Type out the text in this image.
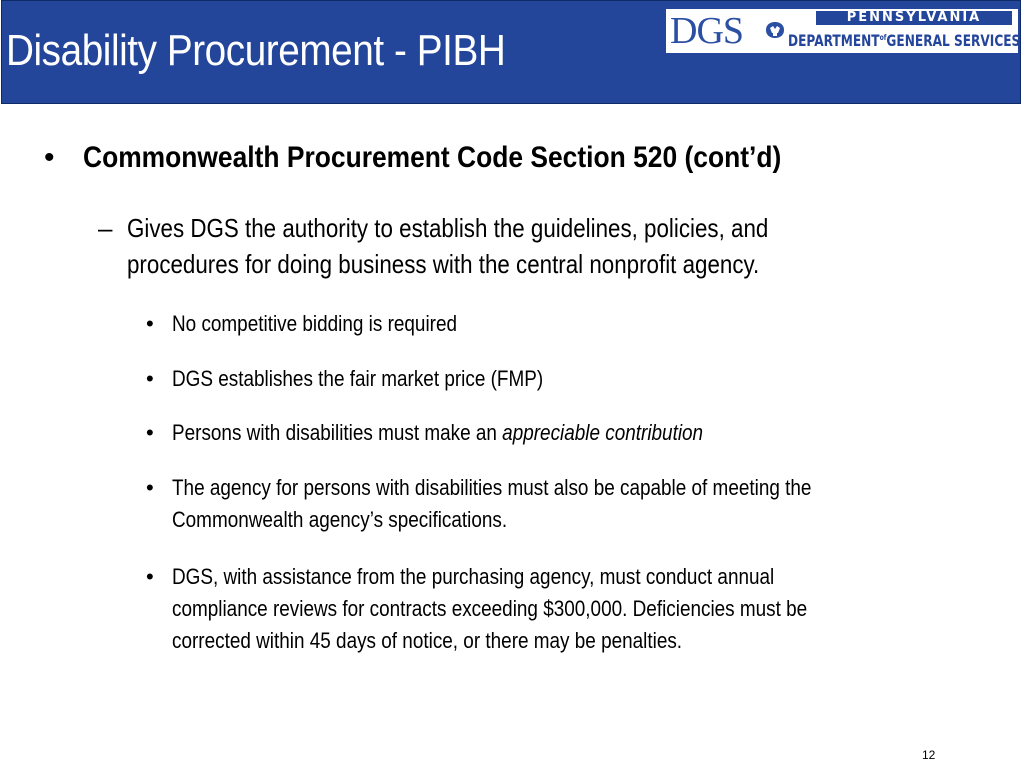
Disability Procurement - PIBH	DGS	PENNSYLVANIA
$DEPARTMENT^{of}GENERAL$ SERVICES
• Commonwealth Procurement Code Section 520 (cont’d)
– Gives DGS the authority to establish the guidelines, policies, and
procedures for doing business with the central nonprofit agency.
• No competitive bidding is required
• DGS establishes the fair market price (FMP)
• Persons with disabilities must make an appreciable contribution
• The agency for persons with disabilities must also be capable of meeting the
Commonwealth agency’s specifications.
• DGS, with assistance from the purchasing agency, must conduct annual
compliance reviews for contracts exceeding $300,000. Deficiencies must be
corrected within 45 days of notice, or there may be penalties.
12
